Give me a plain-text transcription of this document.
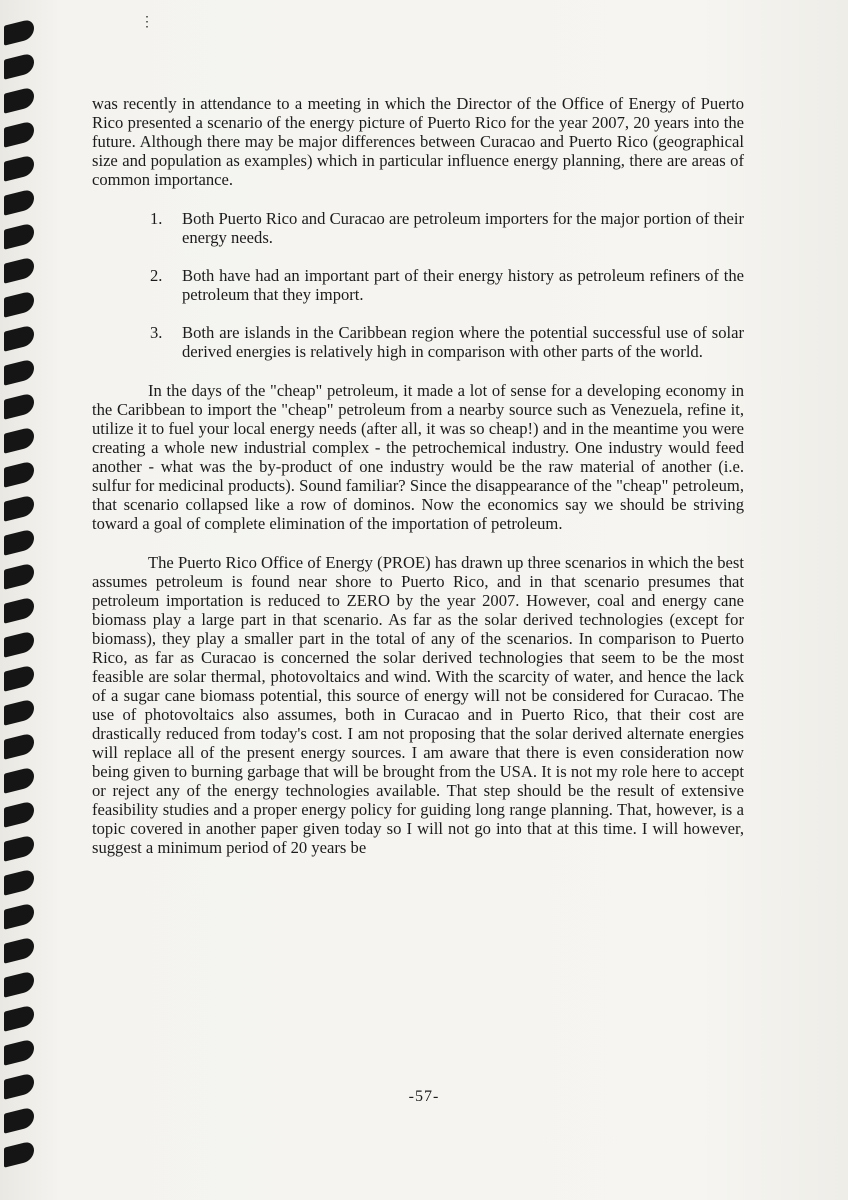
⋮

was recently in attendance to a meeting in which the Director of the Office of Energy of Puerto Rico presented a scenario of the energy picture of Puerto Rico for the year 2007, 20 years into the future. Although there may be major differences between Curacao and Puerto Rico (geographical size and population as examples) which in particular influence energy planning, there are areas of common importance.

1. Both Puerto Rico and Curacao are petroleum importers for the major portion of their energy needs.
2. Both have had an important part of their energy history as petroleum refiners of the petroleum that they import.
3. Both are islands in the Caribbean region where the potential successful use of solar derived energies is relatively high in comparison with other parts of the world.

In the days of the "cheap" petroleum, it made a lot of sense for a developing economy in the Caribbean to import the "cheap" petroleum from a nearby source such as Venezuela, refine it, utilize it to fuel your local energy needs (after all, it was so cheap!) and in the meantime you were creating a whole new industrial complex - the petrochemical industry. One industry would feed another - what was the by-product of one industry would be the raw material of another (i.e. sulfur for medicinal products). Sound familiar? Since the disappearance of the "cheap" petroleum, that scenario collapsed like a row of dominos. Now the economics say we should be striving toward a goal of complete elimination of the importation of petroleum.

The Puerto Rico Office of Energy (PROE) has drawn up three scenarios in which the best assumes petroleum is found near shore to Puerto Rico, and in that scenario presumes that petroleum importation is reduced to ZERO by the year 2007. However, coal and energy cane biomass play a large part in that scenario. As far as the solar derived technologies (except for biomass), they play a smaller part in the total of any of the scenarios. In comparison to Puerto Rico, as far as Curacao is concerned the solar derived technologies that seem to be the most feasible are solar thermal, photovoltaics and wind. With the scarcity of water, and hence the lack of a sugar cane biomass potential, this source of energy will not be considered for Curacao. The use of photovoltaics also assumes, both in Curacao and in Puerto Rico, that their cost are drastically reduced from today's cost. I am not proposing that the solar derived alternate energies will replace all of the present energy sources. I am aware that there is even consideration now being given to burning garbage that will be brought from the USA. It is not my role here to accept or reject any of the energy technologies available. That step should be the result of extensive feasibility studies and a proper energy policy for guiding long range planning. That, however, is a topic covered in another paper given today so I will not go into that at this time. I will however, suggest a minimum period of 20 years be

-57-
